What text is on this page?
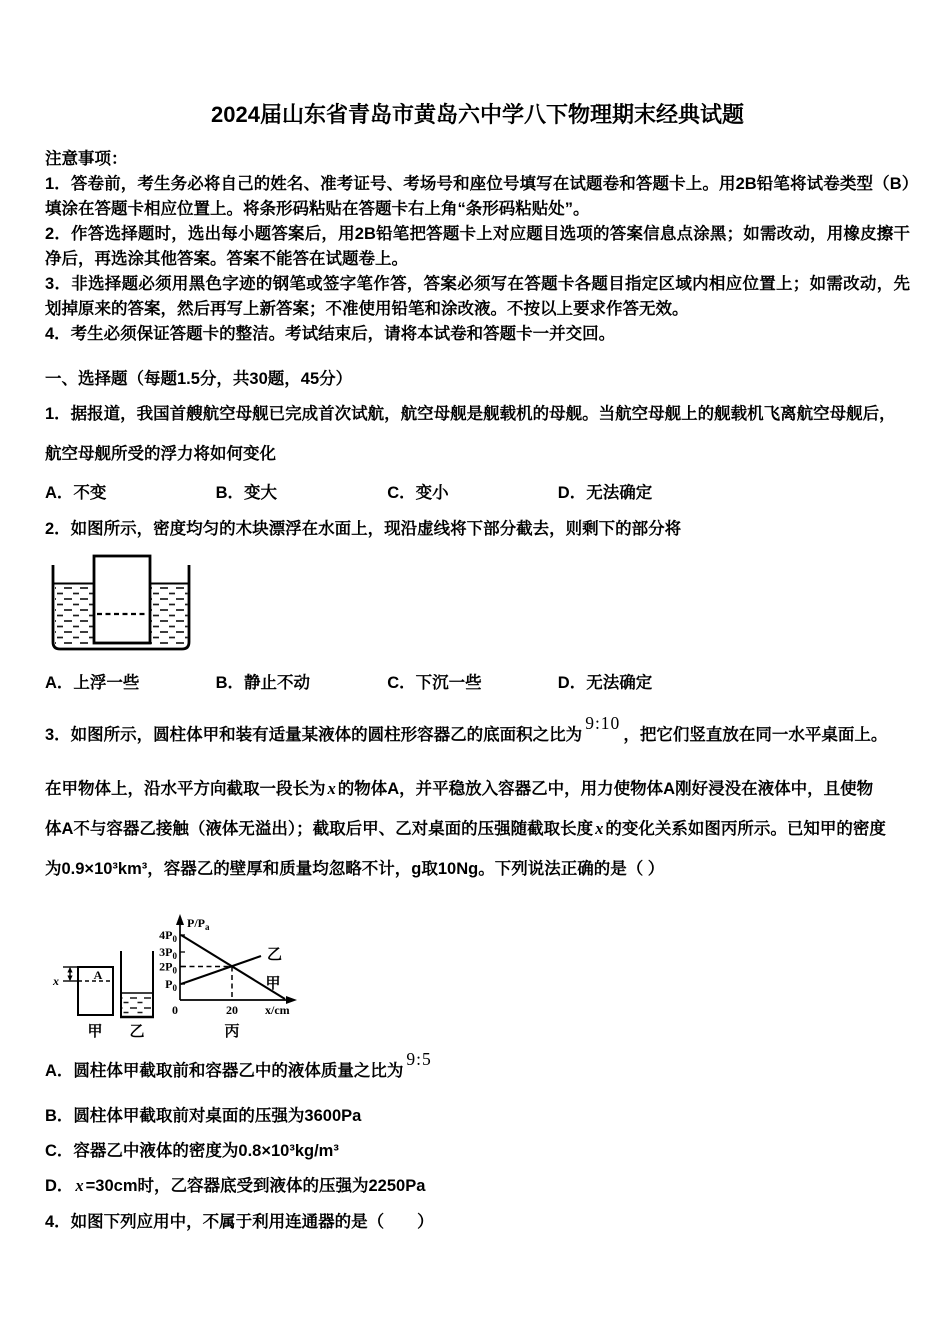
2024届山东省青岛市黄岛六中学八下物理期末经典试题

注意事项：

1．答卷前，考生务必将自己的姓名、准考证号、考场号和座位号填写在试题卷和答题卡上。用2B铅笔将试卷类型（B）填涂在答题卡相应位置上。将条形码粘贴在答题卡右上角“条形码粘贴处”。

2．作答选择题时，选出每小题答案后，用2B铅笔把答题卡上对应题目选项的答案信息点涂黑；如需改动，用橡皮擦干净后，再选涂其他答案。答案不能答在试题卷上。

3．非选择题必须用黑色字迹的钢笔或签字笔作答，答案必须写在答题卡各题目指定区域内相应位置上；如需改动，先划掉原来的答案，然后再写上新答案；不准使用铅笔和涂改液。不按以上要求作答无效。

4．考生必须保证答题卡的整洁。考试结束后，请将本试卷和答题卡一并交回。

一、选择题（每题1.5分，共30题，45分）

1．据报道，我国首艘航空母舰已完成首次试航，航空母舰是舰载机的母舰。当航空母舰上的舰载机飞离航空母舰后，

航空母舰所受的浮力将如何变化

A．不变	B．变大	C．变小	D．无法确定

2．如图所示，密度均匀的木块漂浮在水面上，现沿虚线将下部分截去，则剩下的部分将

A．上浮一些	B．静止不动	C．下沉一些	D．无法确定

3．如图所示，圆柱体甲和装有适量某液体的圆柱形容器乙的底面积之比为9:10，把它们竖直放在同一水平桌面上。

在甲物体上，沿水平方向截取一段长为 x 的物体A，并平稳放入容器乙中，用力使物体A刚好浸没在液体中，且使物

体A不与容器乙接触（液体无溢出）；截取后甲、乙对桌面的压强随截取长度 x 的变化关系如图丙所示。已知甲的密度

为0.9×10³km³，容器乙的壁厚和质量均忽略不计，g取10Ng。下列说法正确的是（ ）

A
x
甲 乙
$P/P_a$
$4P_0$
$3P_0$
$2P_0$
$P_0$
乙
甲
0	20 x/cm
丙

A．圆柱体甲截取前和容器乙中的液体质量之比为9:5

B．圆柱体甲截取前对桌面的压强为3600Pa

C．容器乙中液体的密度为0.8×10³kg/m³

D． x =30cm时，乙容器底受到液体的压强为2250Pa

4．如图下列应用中，不属于利用连通器的是（　　）
